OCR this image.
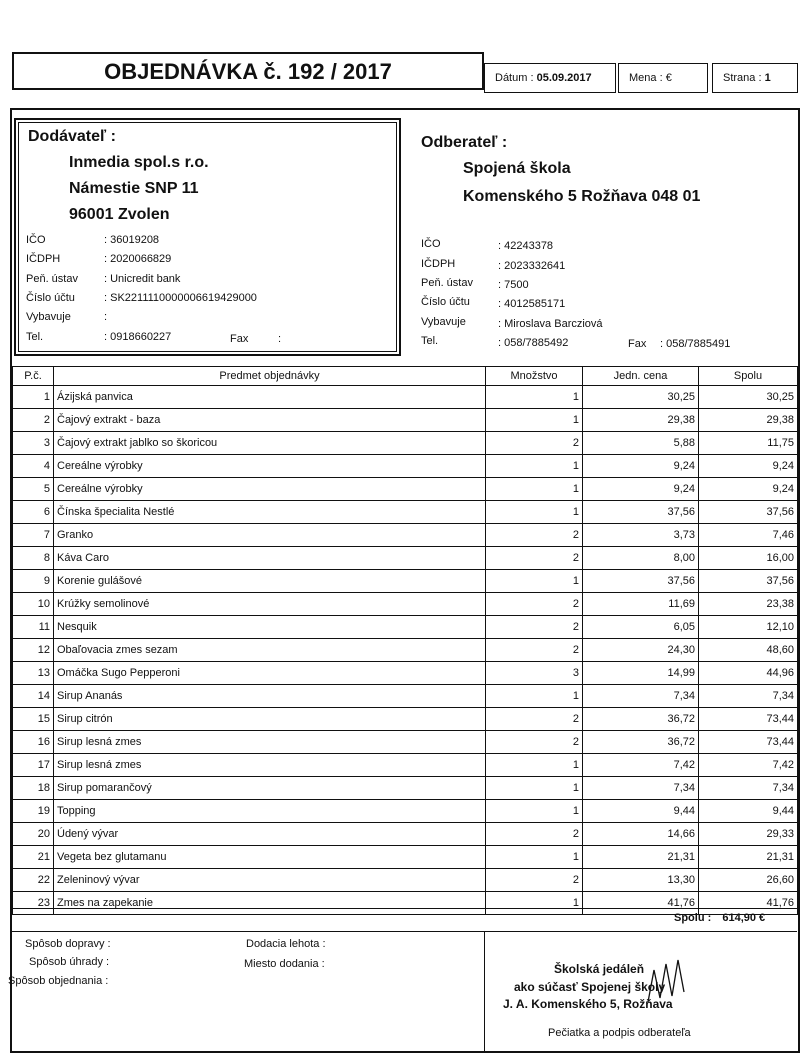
OBJEDNÁVKA č. 192 / 2017	Dátum : 05.09.2017	Mena : €	Strana : 1
Dodávateľ :
Inmedia spol.s r.o.
Námestie SNP 11
96001 Zvolen
IČO	: 36019208
IČDPH	: 2020066829
Peň. ústav : Unicredit bank
Číslo účtu	: SK2211110000006619429000
Vybavuje	:
Tel.	: 0918660227	Fax	:
Odberateľ :
Spojená škola
Komenského 5 Rožňava 048 01
IČO	: 42243378
IČDPH	: 2023332641
Peň. ústav : 7500
Číslo účtu	: 4012585171
Vybavuje	: Miroslava Barcziová
Tel.	: 058/7885492	Fax : 058/7885491
P.č.	Predmet objednávky	Množstvo	Jedn. cena	Spolu
1	Ázijská panvica	1	30,25	30,25
2	Čajový extrakt - baza	1	29,38	29,38
3	Čajový extrakt jablko so škoricou	2	5,88	11,75
4	Cereálne výrobky	1	9,24	9,24
5	Cereálne výrobky	1	9,24	9,24
6	Čínska špecialita Nestlé	1	37,56	37,56
7	Granko	2	3,73	7,46
8	Káva Caro	2	8,00	16,00
9	Korenie gulášové	1	37,56	37,56
10	Krúžky semolinové	2	11,69	23,38
11	Nesquik	2	6,05	12,10
12	Obaľovacia zmes sezam	2	24,30	48,60
13	Omáčka Sugo Pepperoni	3	14,99	44,96
14	Sirup Ananás	1	7,34	7,34
15	Sirup citrón	2	36,72	73,44
16	Sirup lesná zmes	2	36,72	73,44
17	Sirup lesná zmes	1	7,42	7,42
18	Sirup pomarančový	1	7,34	7,34
19	Topping	1	9,44	9,44
20	Údený vývar	2	14,66	29,33
21	Vegeta bez glutamanu	1	21,31	21,31
22	Zeleninový vývar	2	13,30	26,60
23	Zmes na zapekanie	1	41,76	41,76
Spolu : 614,90 €
Spôsob dopravy :
Spôsob úhrady :
Spôsob objednania :
Dodacia lehota :
Miesto dodania :	Školská jedáleň
ako súčasť Spojenej školy
J. A. Komenského 5, Rožňava
Pečiatka a podpis odberateľa
